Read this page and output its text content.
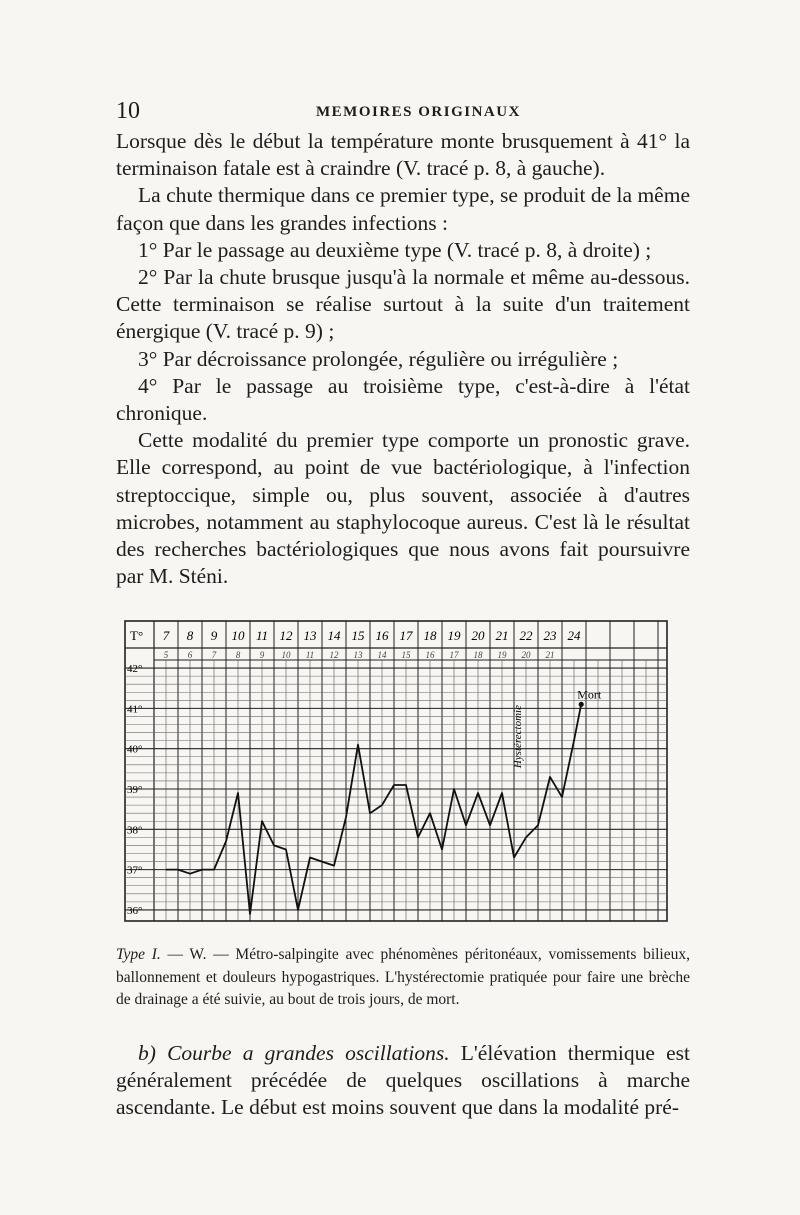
10	MEMOIRES ORIGINAUX

Lorsque dès le début la température monte brusquement à 41° la terminaison fatale est à craindre (V. tracé p. 8, à gauche).

La chute thermique dans ce premier type, se produit de la même façon que dans les grandes infections :

1° Par le passage au deuxième type (V. tracé p. 8, à droite) ;

2° Par la chute brusque jusqu'à la normale et même au-dessous. Cette terminaison se réalise surtout à la suite d'un traitement énergique (V. tracé p. 9) ;

3° Par décroissance prolongée, régulière ou irrégulière ;

4° Par le passage au troisième type, c'est-à-dire à l'état chronique.

Cette modalité du premier type comporte un pronostic grave. Elle correspond, au point de vue bactériologique, à l'infection streptoccique, simple ou, plus souvent, associée à d'autres microbes, notamment au staphylocoque aureus. C'est là le résultat des recherches bactériologiques que nous avons fait poursuivre par M. Sténi.

T° 7 8 9 10 11 12 13 14 15 16 17 18 19 20 21 22 23 24
5 6 7 8 9 10 11 12 13 14 15 16 17 18 19 20 21
42°
41°
40°
39°
38°
37°
36°
Hystérectomie
Mort
Type I. — W. — Métro-salpingite avec phénomènes péritonéaux, vomissements bilieux, ballonnement et douleurs hypogastriques. L'hystérectomie pratiquée pour faire une brèche de drainage a été suivie, au bout de trois jours, de mort.

b) Courbe a grandes oscillations. L'élévation thermique est généralement précédée de quelques oscillations à marche ascendante. Le début est moins souvent que dans la modalité pré-
